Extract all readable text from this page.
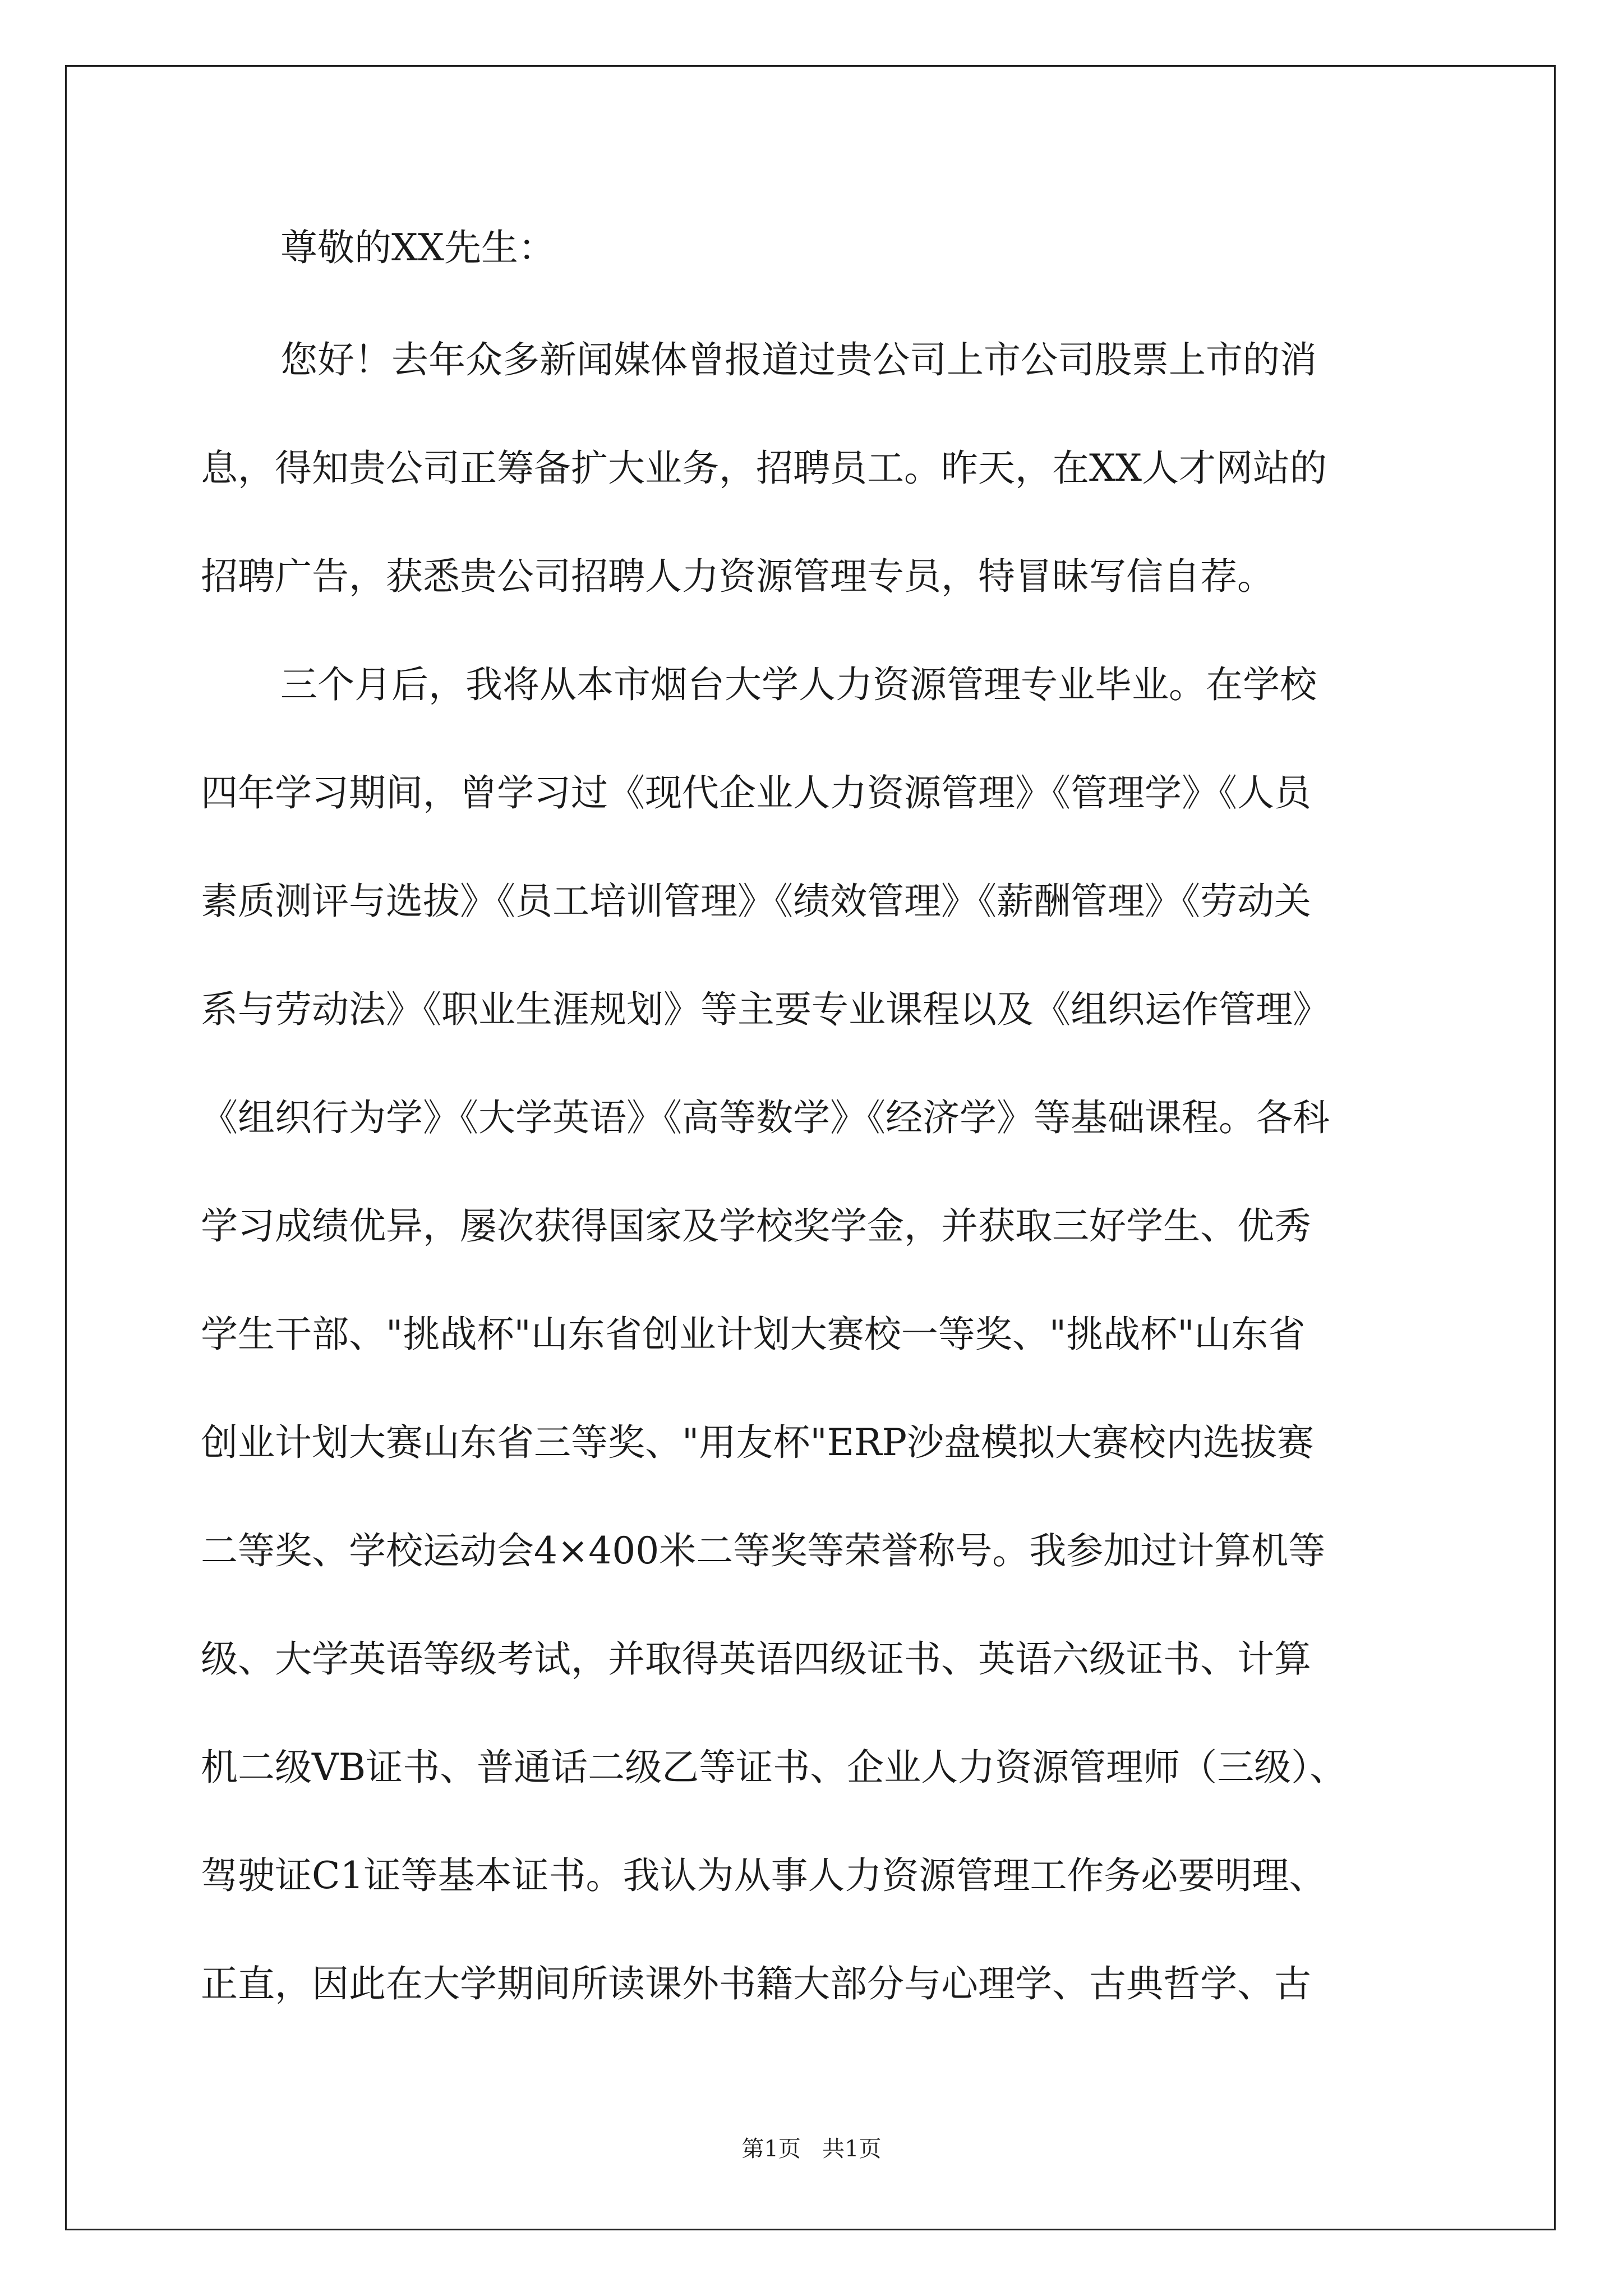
尊敬的XX先生：
您好！去年众多新闻媒体曾报道过贵公司上市公司股票上市的消
息，得知贵公司正筹备扩大业务，招聘员工。昨天，在XX人才网站的
招聘广告，获悉贵公司招聘人力资源管理专员，特冒昧写信自荐。
三个月后，我将从本市烟台大学人力资源管理专业毕业。在学校
四年学习期间，曾学习过《现代企业人力资源管理》《管理学》《人员
素质测评与选拔》《员工培训管理》《绩效管理》《薪酬管理》《劳动关
系与劳动法》《职业生涯规划》等主要专业课程以及《组织运作管理》
《组织行为学》《大学英语》《高等数学》《经济学》等基础课程。各科
学习成绩优异，屡次获得国家及学校奖学金，并获取三好学生、优秀
学生干部、"挑战杯"山东省创业计划大赛校一等奖、"挑战杯"山东省
创业计划大赛山东省三等奖、"用友杯"ERP沙盘模拟大赛校内选拔赛
二等奖、学校运动会4×400米二等奖等荣誉称号。我参加过计算机等
级、大学英语等级考试，并取得英语四级证书、英语六级证书、计算
机二级VB证书、普通话二级乙等证书、企业人力资源管理师（三级）、
驾驶证C1证等基本证书。我认为从事人力资源管理工作务必要明理、
正直，因此在大学期间所读课外书籍大部分与心理学、古典哲学、古
第1页   共1页
